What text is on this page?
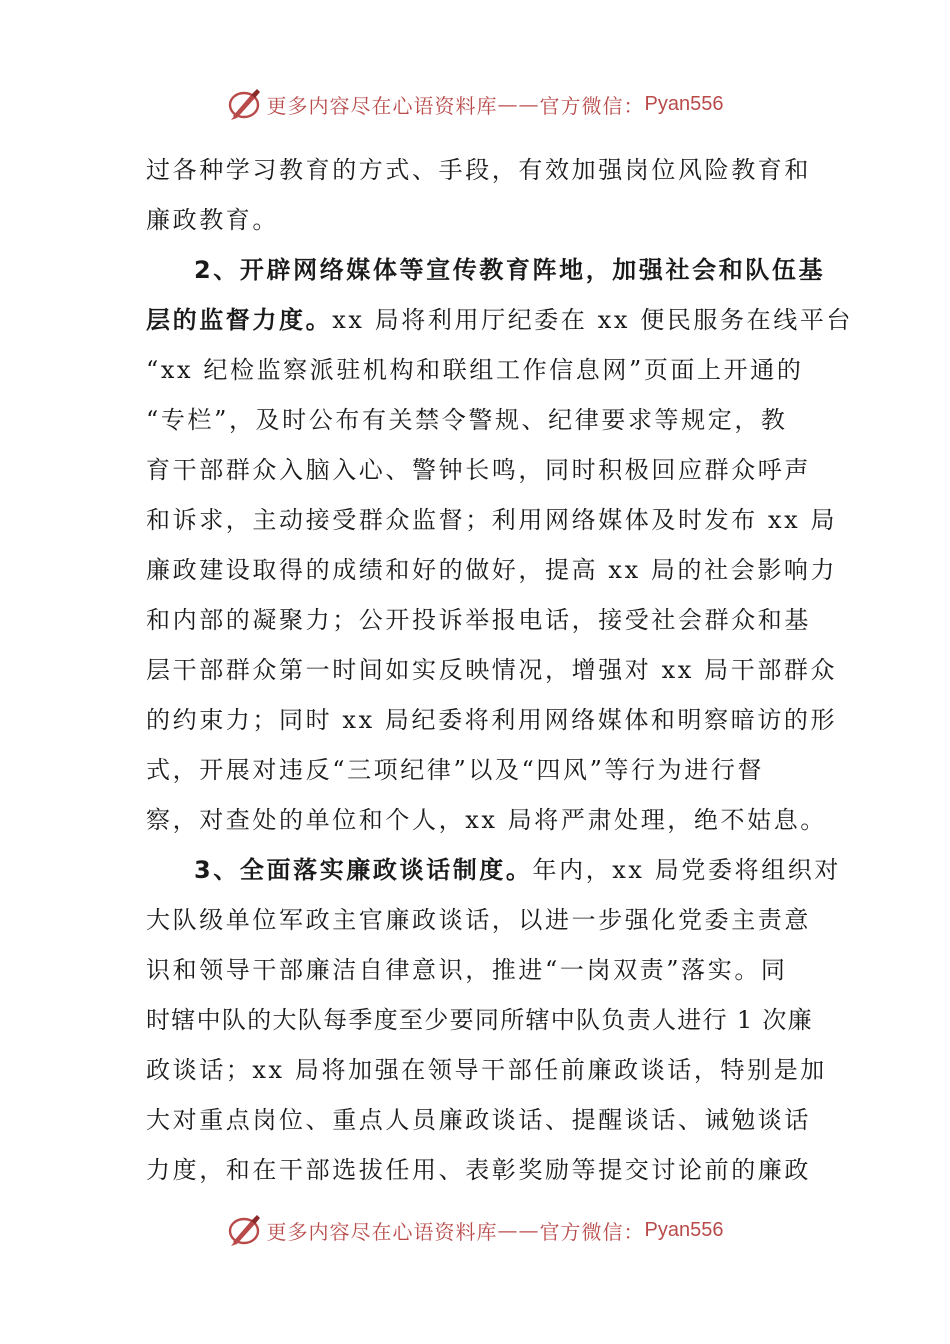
更多内容尽在心语资料库 —— 官方微信： Pyan556
过各种学习教育的方式、手段，有效加强岗位风险教育和
廉政教育。
2、开辟网络媒体等宣传教育阵地，加强社会和队伍基
层的监督力度。xx 局将利用厅纪委在 xx 便民服务在线平台
“xx 纪检监察派驻机构和联组工作信息网”页面上开通的
“专栏”，及时公布有关禁令警规、纪律要求等规定，教
育干部群众入脑入心、警钟长鸣，同时积极回应群众呼声
和诉求，主动接受群众监督；利用网络媒体及时发布 xx 局
廉政建设取得的成绩和好的做好，提高 xx 局的社会影响力
和内部的凝聚力；公开投诉举报电话，接受社会群众和基
层干部群众第一时间如实反映情况，增强对 xx 局干部群众
的约束力；同时 xx 局纪委将利用网络媒体和明察暗访的形
式，开展对违反“三项纪律”以及“四风”等行为进行督
察，对查处的单位和个人，xx 局将严肃处理，绝不姑息。
3、全面落实廉政谈话制度。年内，xx 局党委将组织对
大队级单位军政主官廉政谈话，以进一步强化党委主责意
识和领导干部廉洁自律意识，推进“一岗双责”落实。同
时辖中队的大队每季度至少要同所辖中队负责人进行 1 次廉
政谈话；xx 局将加强在领导干部任前廉政谈话，特别是加
大对重点岗位、重点人员廉政谈话、提醒谈话、诫勉谈话
力度，和在干部选拔任用、表彰奖励等提交讨论前的廉政
更多内容尽在心语资料库 —— 官方微信： Pyan556
